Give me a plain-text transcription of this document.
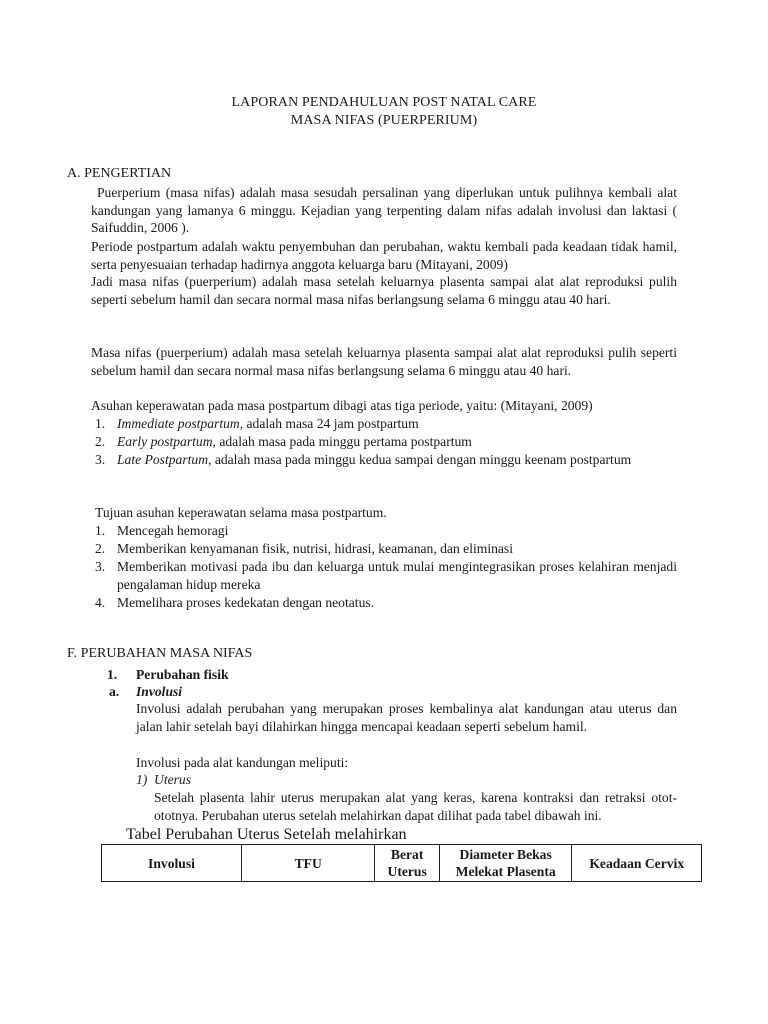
LAPORAN PENDAHULUAN POST NATAL CARE
MASA NIFAS (PUERPERIUM)
A. PENGERTIAN
Puerperium (masa nifas) adalah masa sesudah persalinan yang diperlukan untuk pulihnya kembali alat kandungan yang lamanya 6 minggu. Kejadian yang terpenting dalam nifas adalah involusi dan laktasi ( Saifuddin, 2006 ).
Periode postpartum adalah waktu penyembuhan dan perubahan, waktu kembali pada keadaan tidak hamil, serta penyesuaian terhadap hadirnya anggota keluarga baru (Mitayani, 2009)
Jadi masa nifas (puerperium) adalah masa setelah keluarnya plasenta sampai alat alat reproduksi pulih seperti sebelum hamil dan secara normal masa nifas berlangsung selama 6 minggu atau 40 hari.
Masa nifas (puerperium) adalah masa setelah keluarnya plasenta sampai alat alat reproduksi pulih seperti sebelum hamil dan secara normal masa nifas berlangsung selama 6 minggu atau 40 hari.
Asuhan keperawatan pada masa postpartum dibagi atas tiga periode, yaitu: (Mitayani, 2009)
1. Immediate postpartum, adalah masa 24 jam postpartum
2. Early postpartum, adalah masa pada minggu pertama postpartum
3. Late Postpartum, adalah masa pada minggu kedua sampai dengan minggu keenam postpartum
Tujuan asuhan keperawatan selama masa postpartum.
1. Mencegah hemoragi
2. Memberikan kenyamanan fisik, nutrisi, hidrasi, keamanan, dan eliminasi
3. Memberikan motivasi pada ibu dan keluarga untuk mulai mengintegrasikan proses kelahiran menjadi pengalaman hidup mereka
4. Memelihara proses kedekatan dengan neotatus.
F. PERUBAHAN MASA NIFAS
1. Perubahan fisik
a. Involusi
Involusi adalah perubahan yang merupakan proses kembalinya alat kandungan atau uterus dan jalan lahir setelah bayi dilahirkan hingga mencapai keadaan seperti sebelum hamil.
Involusi pada alat kandungan meliputi:
1) Uterus
Setelah plasenta lahir uterus merupakan alat yang keras, karena kontraksi dan retraksi otot-ototnya. Perubahan uterus setelah melahirkan dapat dilihat pada tabel dibawah ini.
Tabel Perubahan Uterus Setelah melahirkan
Involusi	TFU	Berat Uterus	Diameter Bekas Melekat Plasenta	Keadaan Cervix
